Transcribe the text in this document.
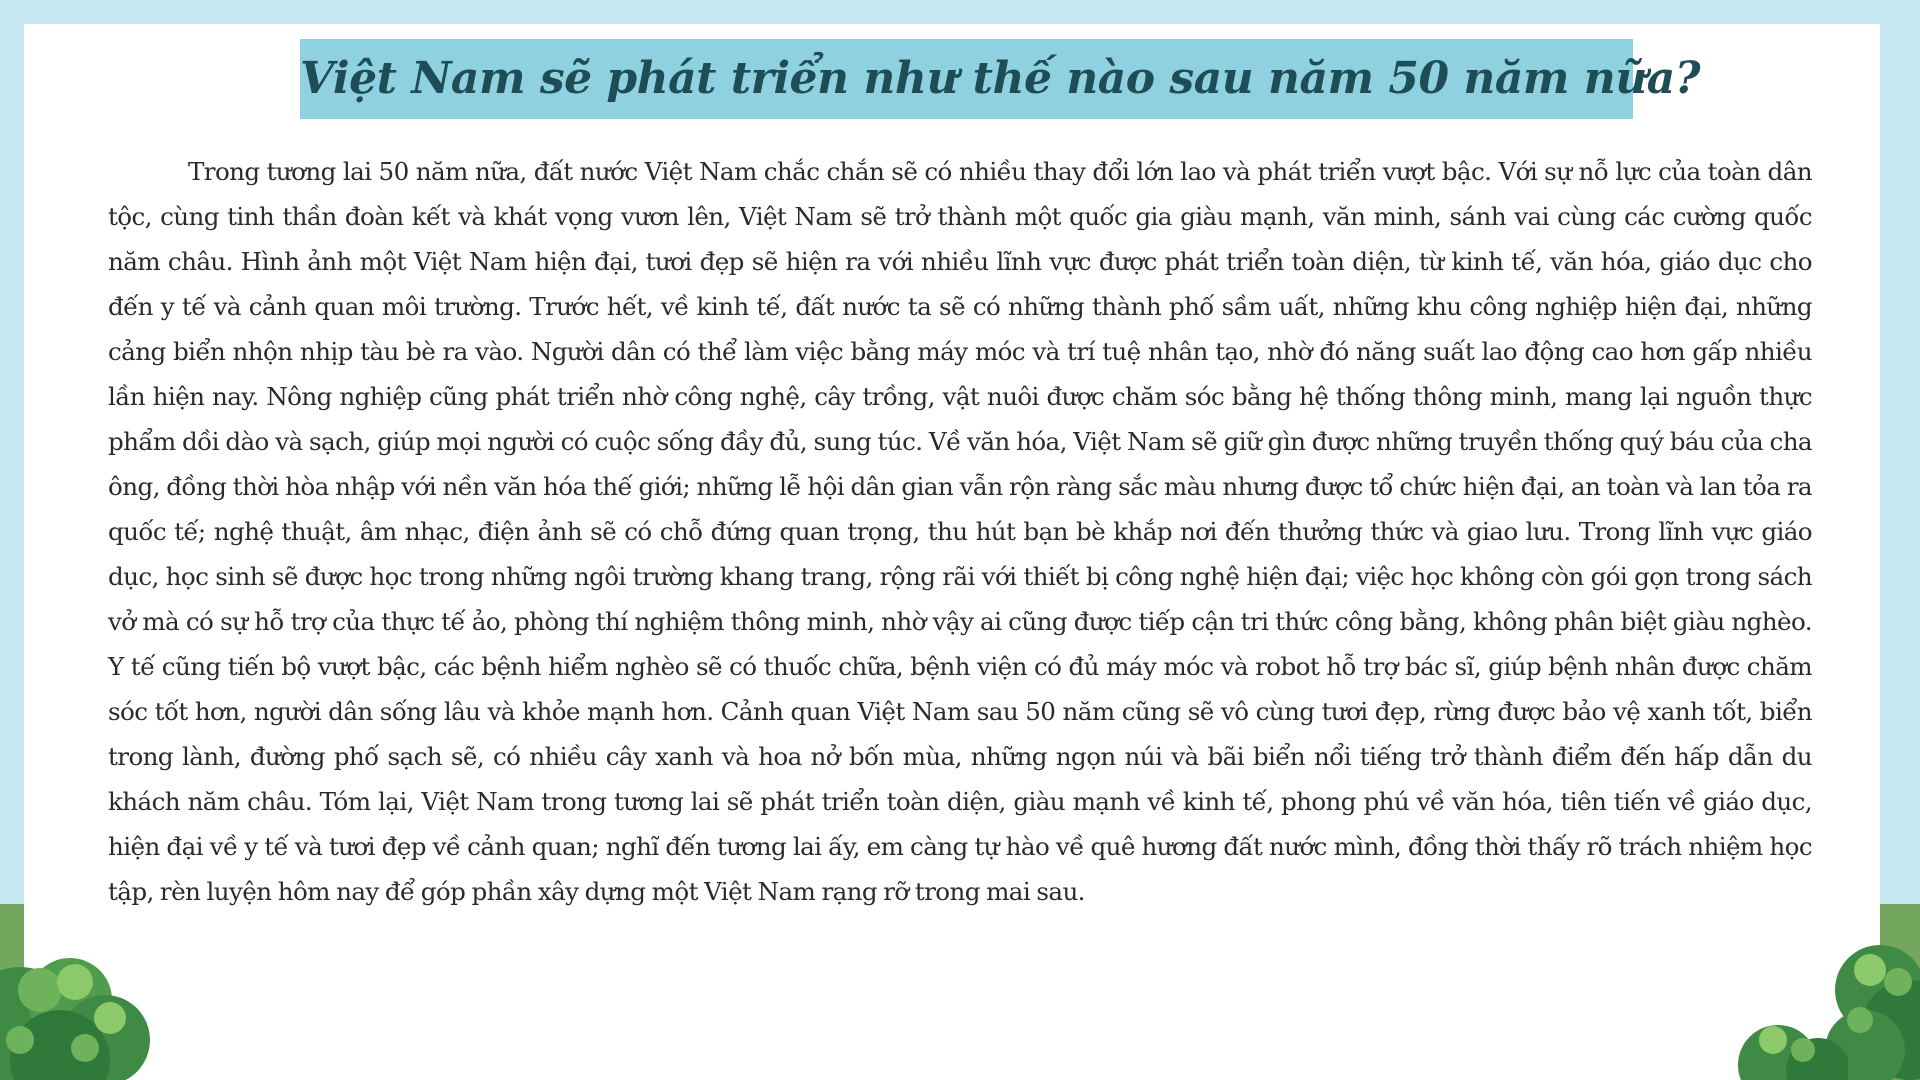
Việt Nam sẽ phát triển như thế nào sau năm 50 năm nữa?

Trong tương lai 50 năm nữa, đất nước Việt Nam chắc chắn sẽ có nhiều thay đổi lớn lao và phát triển vượt bậc. Với sự nỗ lực của toàn dân tộc, cùng tinh thần đoàn kết và khát vọng vươn lên, Việt Nam sẽ trở thành một quốc gia giàu mạnh, văn minh, sánh vai cùng các cường quốc năm châu. Hình ảnh một Việt Nam hiện đại, tươi đẹp sẽ hiện ra với nhiều lĩnh vực được phát triển toàn diện, từ kinh tế, văn hóa, giáo dục cho đến y tế và cảnh quan môi trường. Trước hết, về kinh tế, đất nước ta sẽ có những thành phố sầm uất, những khu công nghiệp hiện đại, những cảng biển nhộn nhịp tàu bè ra vào. Người dân có thể làm việc bằng máy móc và trí tuệ nhân tạo, nhờ đó năng suất lao động cao hơn gấp nhiều lần hiện nay. Nông nghiệp cũng phát triển nhờ công nghệ, cây trồng, vật nuôi được chăm sóc bằng hệ thống thông minh, mang lại nguồn thực phẩm dồi dào và sạch, giúp mọi người có cuộc sống đầy đủ, sung túc. Về văn hóa, Việt Nam sẽ giữ gìn được những truyền thống quý báu của cha ông, đồng thời hòa nhập với nền văn hóa thế giới; những lễ hội dân gian vẫn rộn ràng sắc màu nhưng được tổ chức hiện đại, an toàn và lan tỏa ra quốc tế; nghệ thuật, âm nhạc, điện ảnh sẽ có chỗ đứng quan trọng, thu hút bạn bè khắp nơi đến thưởng thức và giao lưu. Trong lĩnh vực giáo dục, học sinh sẽ được học trong những ngôi trường khang trang, rộng rãi với thiết bị công nghệ hiện đại; việc học không còn gói gọn trong sách vở mà có sự hỗ trợ của thực tế ảo, phòng thí nghiệm thông minh, nhờ vậy ai cũng được tiếp cận tri thức công bằng, không phân biệt giàu nghèo. Y tế cũng tiến bộ vượt bậc, các bệnh hiểm nghèo sẽ có thuốc chữa, bệnh viện có đủ máy móc và robot hỗ trợ bác sĩ, giúp bệnh nhân được chăm sóc tốt hơn, người dân sống lâu và khỏe mạnh hơn. Cảnh quan Việt Nam sau 50 năm cũng sẽ vô cùng tươi đẹp, rừng được bảo vệ xanh tốt, biển trong lành, đường phố sạch sẽ, có nhiều cây xanh và hoa nở bốn mùa, những ngọn núi và bãi biển nổi tiếng trở thành điểm đến hấp dẫn du khách năm châu. Tóm lại, Việt Nam trong tương lai sẽ phát triển toàn diện, giàu mạnh về kinh tế, phong phú về văn hóa, tiên tiến về giáo dục, hiện đại về y tế và tươi đẹp về cảnh quan; nghĩ đến tương lai ấy, em càng tự hào về quê hương đất nước mình, đồng thời thấy rõ trách nhiệm học tập, rèn luyện hôm nay để góp phần xây dựng một Việt Nam rạng rỡ trong mai sau.
